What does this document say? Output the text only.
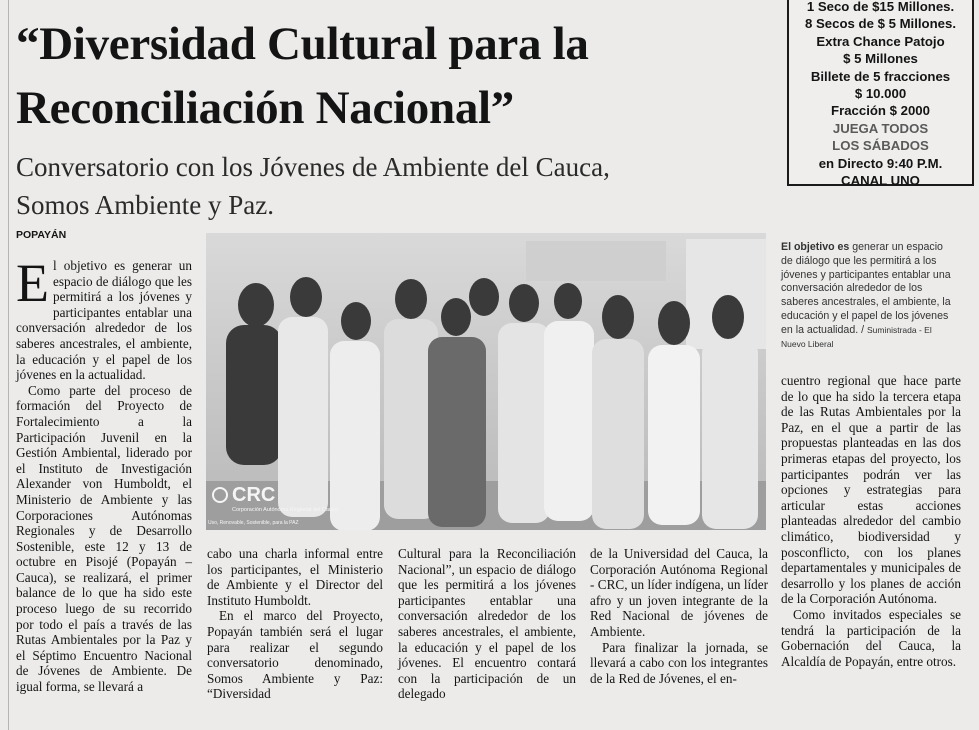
1 Seco de $15 Millones.
8 Secos de $ 5 Millones.
Extra Chance Patojo
$ 5 Millones
Billete de 5 fracciones
$ 10.000
Fracción $ 2000
JUEGA TODOS
LOS SÁBADOS
en Directo 9:40 P.M.
CANAL UNO
“Diversidad Cultural para la
Reconciliación Nacional”
Conversatorio con los Jóvenes de Ambiente del Cauca,
Somos Ambiente y Paz.
POPAYÁN

El objetivo es generar un espacio de diálogo que les permitirá a los jóvenes y participantes entablar una conversación alrededor de los saberes ancestrales, el ambiente, la educación y el papel de los jóvenes en la actualidad.

Como parte del proceso de formación del Proyecto de Fortalecimiento a la Participación Juvenil en la Gestión Ambiental, liderado por el Instituto de Investigación Alexander von Humboldt, el Ministerio de Ambiente y las Corporaciones Autónomas Regionales y de Desarrollo Sostenible, este 12 y 13 de octubre en Pisojé (Popayán –Cauca), se realizará, el primer balance de lo que ha sido este proceso luego de su recorrido por todo el país a través de las Rutas Ambientales por la Paz y el Séptimo Encuentro Nacional de Jóvenes de Ambiente. De igual forma, se llevará a

CRC
Corporación Autónoma Regional del Cauca
Uso, Renovable, Sostenible, para la PAZ
El objetivo es generar un espacio de diálogo que les permitirá a los jóvenes y participantes entablar una conversación alrededor de los saberes ancestrales, el ambiente, la educación y el papel de los jóvenes en la actualidad. / Suministrada - El Nuevo Liberal

cabo una charla informal entre los participantes, el Ministerio de Ambiente y el Director del Instituto Humboldt.

En el marco del Proyecto, Popayán también será el lugar para realizar el segundo conversatorio denominado, Somos Ambiente y Paz: “Diversidad

Cultural para la Reconciliación Nacional”, un espacio de diálogo que les permitirá a los jóvenes participantes entablar una conversación alrededor de los saberes ancestrales, el ambiente, la educación y el papel de los jóvenes. El encuentro contará con la participación de un delegado

de la Universidad del Cauca, la Corporación Autónoma Regional - CRC, un líder indígena, un líder afro y un joven integrante de la Red Nacional de jóvenes de Ambiente.

Para finalizar la jornada, se llevará a cabo con los integrantes de la Red de Jóvenes, el en-

cuentro regional que hace parte de lo que ha sido la tercera etapa de las Rutas Ambientales por la Paz, en el que a partir de las propuestas planteadas en las dos primeras etapas del proyecto, los participantes podrán ver las opciones y estrategias para articular estas acciones planteadas alrededor del cambio climático, biodiversidad y posconflicto, con los planes departamentales y municipales de desarrollo y los planes de acción de la Corporación Autónoma.

Como invitados especiales se tendrá la participación de la Gobernación del Cauca, la Alcaldía de Popayán, entre otros.
